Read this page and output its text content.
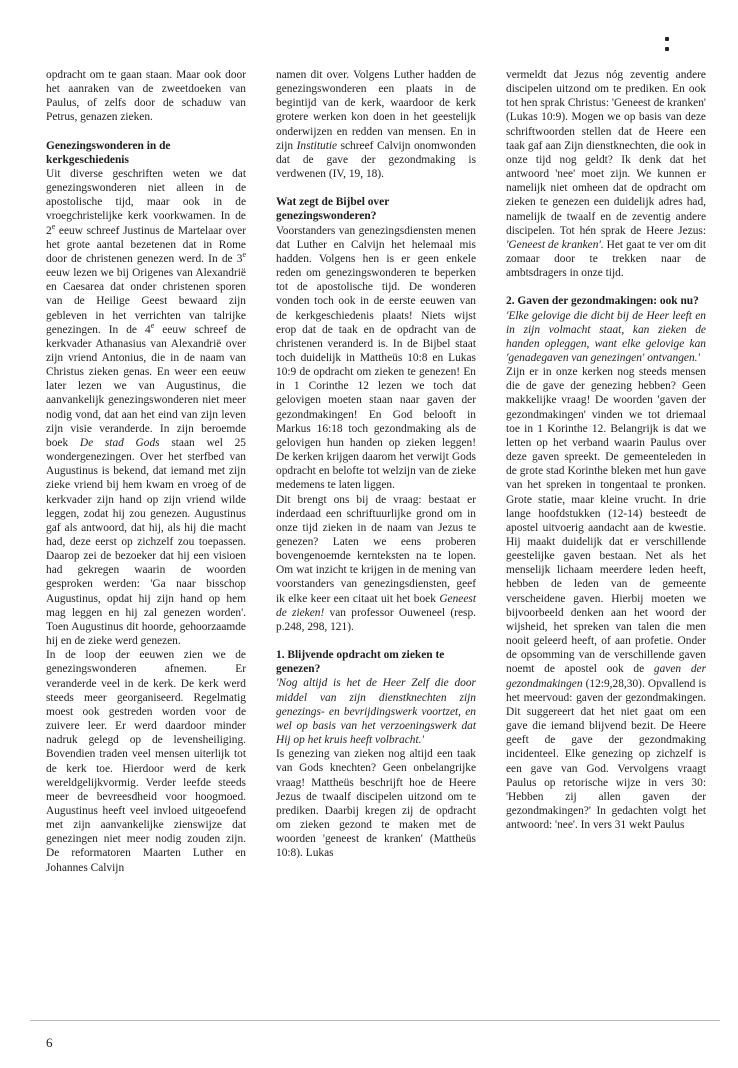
opdracht om te gaan staan. Maar ook door het aanraken van de zweetdoeken van Paulus, of zelfs door de schaduw van Petrus, genazen zieken.

Genezingswonderen in de kerkgeschiedenis

Uit diverse geschriften weten we dat genezingswonderen niet alleen in de apostolische tijd, maar ook in de vroegchristelijke kerk voorkwamen. In de 2e eeuw schreef Justinus de Martelaar over het grote aantal bezetenen dat in Rome door de christenen genezen werd. In de 3e eeuw lezen we bij Origenes van Alexandrië en Caesarea dat onder christenen sporen van de Heilige Geest bewaard zijn gebleven in het verrichten van talrijke genezingen. In de 4e eeuw schreef de kerkvader Athanasius van Alexandrië over zijn vriend Antonius, die in de naam van Christus zieken genas. En weer een eeuw later lezen we van Augustinus, die aanvankelijk genezingswonderen niet meer nodig vond, dat aan het eind van zijn leven zijn visie veranderde. In zijn beroemde boek De stad Gods staan wel 25 wondergenezingen. Over het sterfbed van Augustinus is bekend, dat iemand met zijn zieke vriend bij hem kwam en vroeg of de kerkvader zijn hand op zijn vriend wilde leggen, zodat hij zou genezen. Augustinus gaf als antwoord, dat hij, als hij die macht had, deze eerst op zichzelf zou toepassen. Daarop zei de bezoeker dat hij een visioen had gekregen waarin de woorden gesproken werden: 'Ga naar bisschop Augustinus, opdat hij zijn hand op hem mag leggen en hij zal genezen worden'. Toen Augustinus dit hoorde, gehoorzaamde hij en de zieke werd genezen.

In de loop der eeuwen zien we de genezingswonderen afnemen. Er veranderde veel in de kerk. De kerk werd steeds meer georganiseerd. Regelmatig moest ook gestreden worden voor de zuivere leer. Er werd daardoor minder nadruk gelegd op de levensheiliging. Bovendien traden veel mensen uiterlijk tot de kerk toe. Hierdoor werd de kerk wereldgelijkvormig. Verder leefde steeds meer de bevreesdheid voor hoogmoed. Augustinus heeft veel invloed uitgeoefend met zijn aanvankelijke zienswijze dat genezingen niet meer nodig zouden zijn. De reformatoren Maarten Luther en Johannes Calvijn

namen dit over. Volgens Luther hadden de genezingswonderen een plaats in de begintijd van de kerk, waardoor de kerk grotere werken kon doen in het geestelijk onderwijzen en redden van mensen. En in zijn Institutie schreef Calvijn onomwonden dat de gave der gezondmaking is verdwenen (IV, 19, 18).

Wat zegt de Bijbel over genezingswonderen?

Voorstanders van genezingsdiensten menen dat Luther en Calvijn het helemaal mis hadden. Volgens hen is er geen enkele reden om genezingswonderen te beperken tot de apostolische tijd. De wonderen vonden toch ook in de eerste eeuwen van de kerkgeschiedenis plaats! Niets wijst erop dat de taak en de opdracht van de christenen veranderd is. In de Bijbel staat toch duidelijk in Mattheüs 10:8 en Lukas 10:9 de opdracht om zieken te genezen! En in 1 Corinthe 12 lezen we toch dat gelovigen moeten staan naar gaven der gezondmakingen! En God belooft in Markus 16:18 toch gezondmaking als de gelovigen hun handen op zieken leggen! De kerken krijgen daarom het verwijt Gods opdracht en belofte tot welzijn van de zieke medemens te laten liggen.

Dit brengt ons bij de vraag: bestaat er inderdaad een schriftuurlijke grond om in onze tijd zieken in de naam van Jezus te genezen? Laten we eens proberen bovengenoemde kernteksten na te lopen. Om wat inzicht te krijgen in de mening van voorstanders van genezingsdiensten, geef ik elke keer een citaat uit het boek Geneest de zieken! van professor Ouweneel (resp. p.248, 298, 121).

1. Blijvende opdracht om zieken te genezen?

'Nog altijd is het de Heer Zelf die door middel van zijn dienstknechten zijn genezings- en bevrijdingswerk voortzet, en wel op basis van het verzoeningswerk dat Hij op het kruis heeft volbracht.'

Is genezing van zieken nog altijd een taak van Gods knechten? Geen onbelangrijke vraag! Mattheüs beschrijft hoe de Heere Jezus de twaalf discipelen uitzond om te prediken. Daarbij kregen zij de opdracht om zieken gezond te maken met de woorden 'geneest de kranken' (Mattheüs 10:8). Lukas

vermeldt dat Jezus nóg zeventig andere discipelen uitzond om te prediken. En ook tot hen sprak Christus: 'Geneest de kranken' (Lukas 10:9). Mogen we op basis van deze schriftwoorden stellen dat de Heere een taak gaf aan Zijn dienstknechten, die ook in onze tijd nog geldt? Ik denk dat het antwoord 'nee' moet zijn. We kunnen er namelijk niet omheen dat de opdracht om zieken te genezen een duidelijk adres had, namelijk de twaalf en de zeventig andere discipelen. Tot hén sprak de Heere Jezus: 'Geneest de kranken'. Het gaat te ver om dit zomaar door te trekken naar de ambtsdragers in onze tijd.

2. Gaven der gezondmakingen: ook nu?

'Elke gelovige die dicht bij de Heer leeft en in zijn volmacht staat, kan zieken de handen opleggen, want elke gelovige kan 'genadegaven van genezingen' ontvangen.'

Zijn er in onze kerken nog steeds mensen die de gave der genezing hebben? Geen makkelijke vraag! De woorden 'gaven der gezondmakingen' vinden we tot driemaal toe in 1 Korinthe 12. Belangrijk is dat we letten op het verband waarin Paulus over deze gaven spreekt. De gemeenteleden in de grote stad Korinthe bleken met hun gave van het spreken in tongentaal te pronken. Grote statie, maar kleine vrucht. In drie lange hoofdstukken (12-14) besteedt de apostel uitvoerig aandacht aan de kwestie. Hij maakt duidelijk dat er verschillende geestelijke gaven bestaan. Net als het menselijk lichaam meerdere leden heeft, hebben de leden van de gemeente verscheidene gaven. Hierbij moeten we bijvoorbeeld denken aan het woord der wijsheid, het spreken van talen die men nooit geleerd heeft, of aan profetie. Onder de opsomming van de verschillende gaven noemt de apostel ook de gaven der gezondmakingen (12:9,28,30). Opvallend is het meervoud: gaven der gezondmakingen. Dit suggereert dat het niet gaat om een gave die iemand blijvend bezit. De Heere geeft de gave der gezondmaking incidenteel. Elke genezing op zichzelf is een gave van God. Vervolgens vraagt Paulus op retorische wijze in vers 30: 'Hebben zij allen gaven der gezondmakingen?' In gedachten volgt het antwoord: 'nee'. In vers 31 wekt Paulus

6
